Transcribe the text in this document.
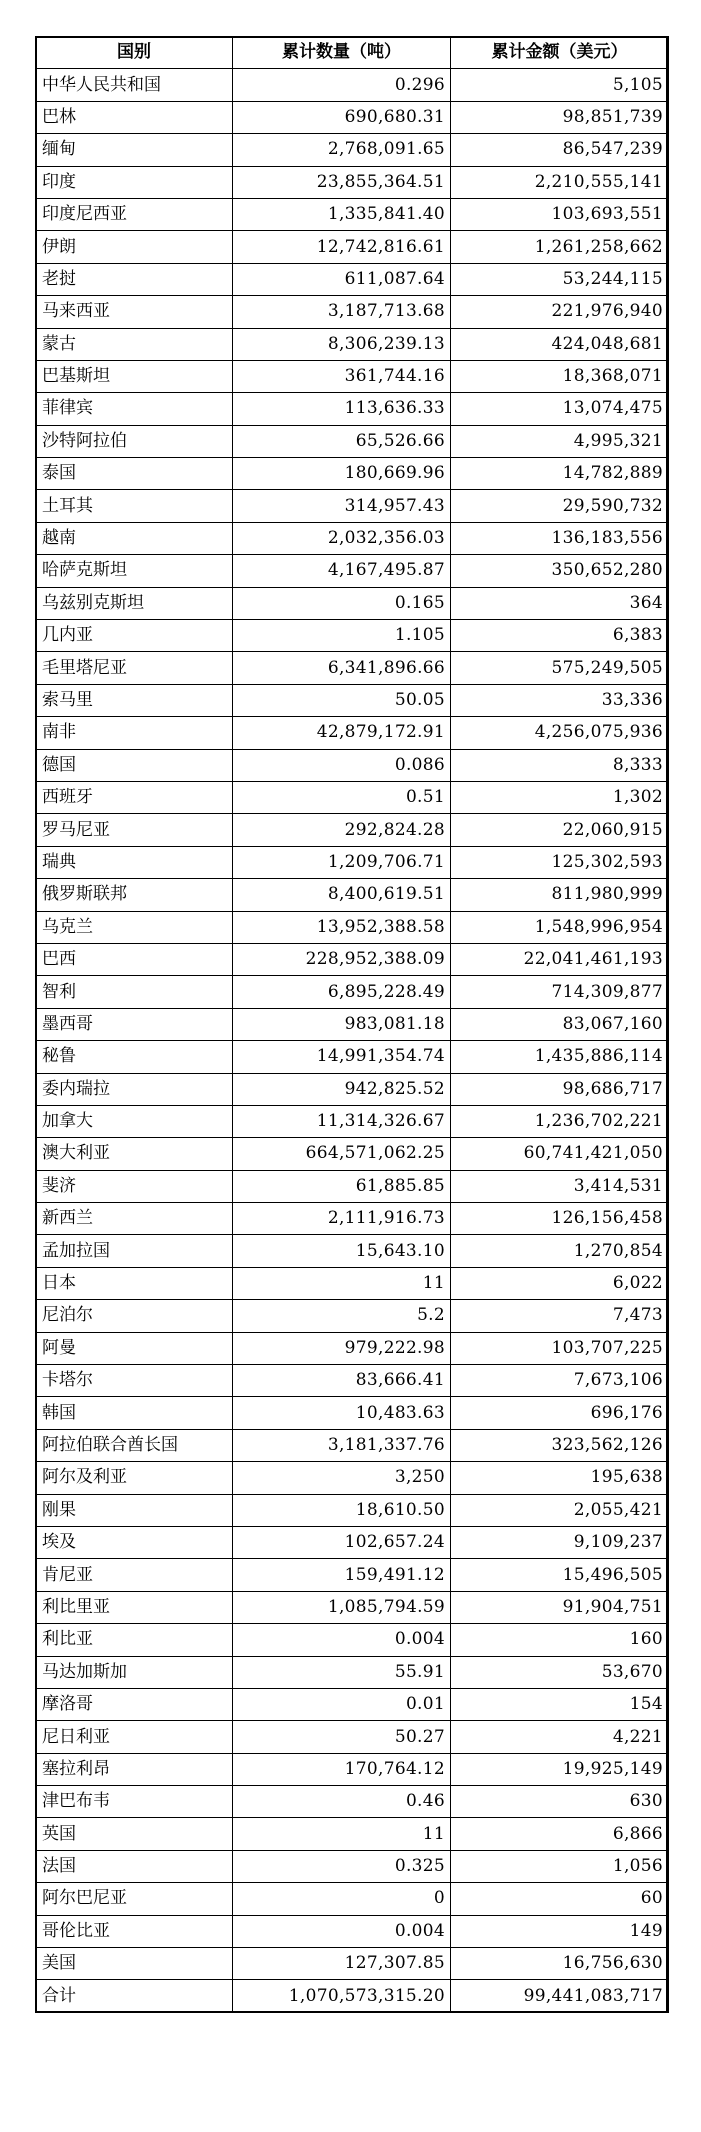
国别	累计数量（吨）	累计金额（美元）
中华人民共和国	0.296	5,105
巴林	690,680.31	98,851,739
缅甸	2,768,091.65	86,547,239
印度	23,855,364.51	2,210,555,141
印度尼西亚	1,335,841.40	103,693,551
伊朗	12,742,816.61	1,261,258,662
老挝	611,087.64	53,244,115
马来西亚	3,187,713.68	221,976,940
蒙古	8,306,239.13	424,048,681
巴基斯坦	361,744.16	18,368,071
菲律宾	113,636.33	13,074,475
沙特阿拉伯	65,526.66	4,995,321
泰国	180,669.96	14,782,889
土耳其	314,957.43	29,590,732
越南	2,032,356.03	136,183,556
哈萨克斯坦	4,167,495.87	350,652,280
乌兹别克斯坦	0.165	364
几内亚	1.105	6,383
毛里塔尼亚	6,341,896.66	575,249,505
索马里	50.05	33,336
南非	42,879,172.91	4,256,075,936
德国	0.086	8,333
西班牙	0.51	1,302
罗马尼亚	292,824.28	22,060,915
瑞典	1,209,706.71	125,302,593
俄罗斯联邦	8,400,619.51	811,980,999
乌克兰	13,952,388.58	1,548,996,954
巴西	228,952,388.09	22,041,461,193
智利	6,895,228.49	714,309,877
墨西哥	983,081.18	83,067,160
秘鲁	14,991,354.74	1,435,886,114
委内瑞拉	942,825.52	98,686,717
加拿大	11,314,326.67	1,236,702,221
澳大利亚	664,571,062.25	60,741,421,050
斐济	61,885.85	3,414,531
新西兰	2,111,916.73	126,156,458
孟加拉国	15,643.10	1,270,854
日本	11	6,022
尼泊尔	5.2	7,473
阿曼	979,222.98	103,707,225
卡塔尔	83,666.41	7,673,106
韩国	10,483.63	696,176
阿拉伯联合酋长国	3,181,337.76	323,562,126
阿尔及利亚	3,250	195,638
刚果	18,610.50	2,055,421
埃及	102,657.24	9,109,237
肯尼亚	159,491.12	15,496,505
利比里亚	1,085,794.59	91,904,751
利比亚	0.004	160
马达加斯加	55.91	53,670
摩洛哥	0.01	154
尼日利亚	50.27	4,221
塞拉利昂	170,764.12	19,925,149
津巴布韦	0.46	630
英国	11	6,866
法国	0.325	1,056
阿尔巴尼亚	0	60
哥伦比亚	0.004	149
美国	127,307.85	16,756,630
合计	1,070,573,315.20	99,441,083,717
